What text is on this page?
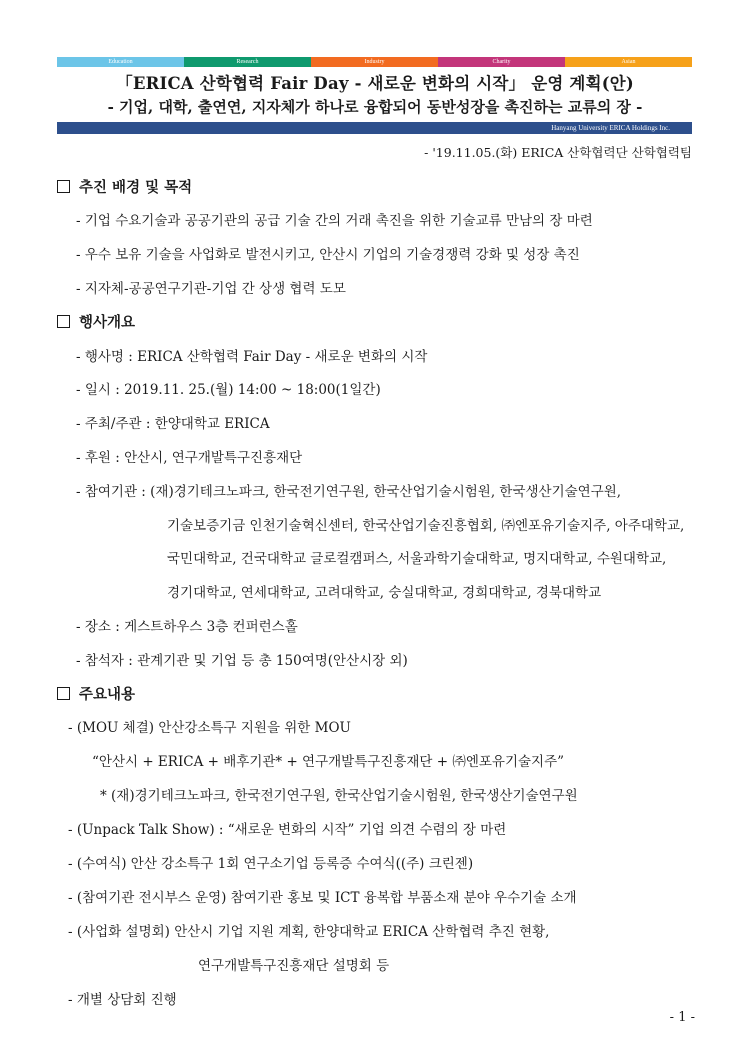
Education	Research	Industry	Charity	Asian
「ERICA 산학협력 Fair Day - 새로운 변화의 시작」 운영 계획(안)
- 기업, 대학, 출연연, 지자체가 하나로 융합되어 동반성장을 촉진하는 교류의 장 -
Hanyang University ERICA Holdings Inc.
- '19.11.05.(화) ERICA 산학협력단 산학협력팀
추진 배경 및 목적
- 기업 수요기술과 공공기관의 공급 기술 간의 거래 촉진을 위한 기술교류 만남의 장 마련
- 우수 보유 기술을 사업화로 발전시키고, 안산시 기업의 기술경쟁력 강화 및 성장 촉진
- 지자체-공공연구기관-기업 간 상생 협력 도모
행사개요
- 행사명 : ERICA 산학협력 Fair Day - 새로운 변화의 시작
- 일시 : 2019.11. 25.(월) 14:00 ~ 18:00(1일간)
- 주최/주관 : 한양대학교 ERICA
- 후원 : 안산시, 연구개발특구진흥재단
- 참여기관 : (재)경기테크노파크, 한국전기연구원, 한국산업기술시험원, 한국생산기술연구원,
기술보증기금 인천기술혁신센터, 한국산업기술진흥협회, ㈜엔포유기술지주, 아주대학교,
국민대학교, 건국대학교 글로컬캠퍼스, 서울과학기술대학교, 명지대학교, 수원대학교,
경기대학교, 연세대학교, 고려대학교, 숭실대학교, 경희대학교, 경북대학교
- 장소 : 게스트하우스 3층 컨퍼런스홀
- 참석자 : 관계기관 및 기업 등 총 150여명(안산시장 외)
주요내용
- (MOU 체결) 안산강소특구 지원을 위한 MOU
“안산시 + ERICA + 배후기관* + 연구개발특구진흥재단 + ㈜엔포유기술지주”
* (재)경기테크노파크, 한국전기연구원, 한국산업기술시험원, 한국생산기술연구원
- (Unpack Talk Show) : “새로운 변화의 시작” 기업 의견 수렴의 장 마련
- (수여식) 안산 강소특구 1회 연구소기업 등록증 수여식((주) 크린젠)
- (참여기관 전시부스 운영) 참여기관 홍보 및 ICT 융복합 부품소재 분야 우수기술 소개
- (사업화 설명회) 안산시 기업 지원 계획, 한양대학교 ERICA 산학협력 추진 현황,
연구개발특구진흥재단 설명회 등
- 개별 상담회 진행
- 1 -
